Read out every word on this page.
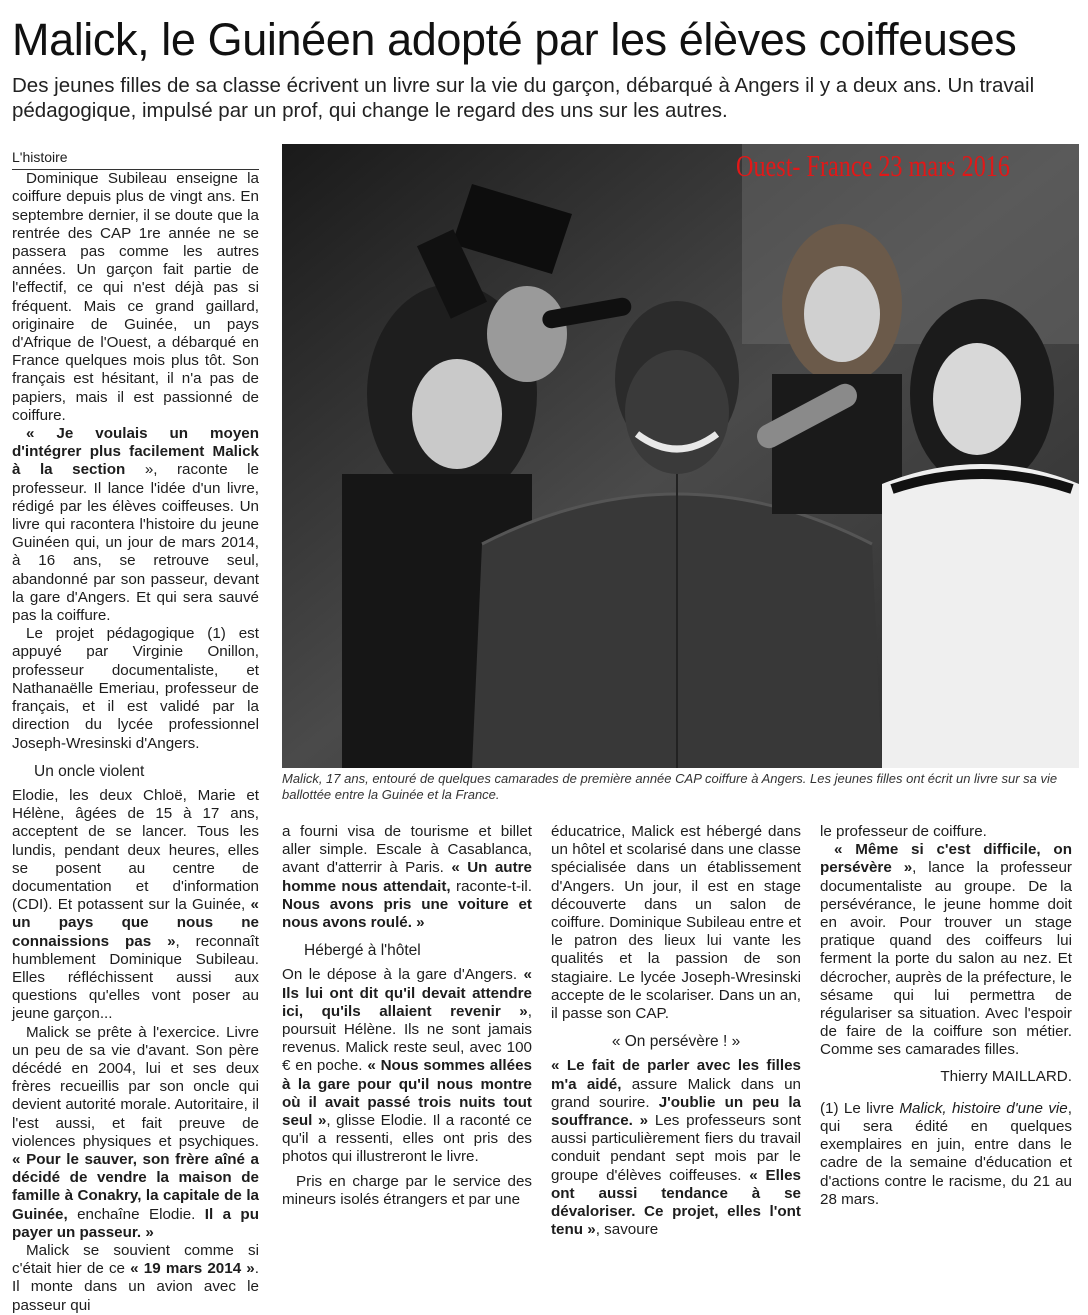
Malick, le Guinéen adopté par les élèves coiffeuses

Des jeunes filles de sa classe écrivent un livre sur la vie du garçon, débarqué à Angers il y a deux ans. Un travail pédagogique, impulsé par un prof, qui change le regard des uns sur les autres.

L'histoire

Dominique Subileau enseigne la coiffure depuis plus de vingt ans. En septembre dernier, il se doute que la rentrée des CAP 1re année ne se passera pas comme les autres années. Un garçon fait partie de l'effectif, ce qui n'est déjà pas si fréquent. Mais ce grand gaillard, originaire de Guinée, un pays d'Afrique de l'Ouest, a débarqué en France quelques mois plus tôt. Son français est hésitant, il n'a pas de papiers, mais il est passionné de coiffure.

« Je voulais un moyen d'intégrer plus facilement Malick à la section », raconte le professeur. Il lance l'idée d'un livre, rédigé par les élèves coiffeuses. Un livre qui racontera l'histoire du jeune Guinéen qui, un jour de mars 2014, à 16 ans, se retrouve seul, abandonné par son passeur, devant la gare d'Angers. Et qui sera sauvé pas la coiffure.

Le projet pédagogique (1) est appuyé par Virginie Onillon, professeur documentaliste, et Nathanaëlle Emeriau, professeur de français, et il est validé par la direction du lycée professionnel Joseph-Wresinski d'Angers.

Un oncle violent

Elodie, les deux Chloë, Marie et Hélène, âgées de 15 à 17 ans, acceptent de se lancer. Tous les lundis, pendant deux heures, elles se posent au centre de documentation et d'information (CDI). Et potassent sur la Guinée, « un pays que nous ne connaissions pas », reconnaît humblement Dominique Subileau. Elles réfléchissent aussi aux questions qu'elles vont poser au jeune garçon...

Malick se prête à l'exercice. Livre un peu de sa vie d'avant. Son père décédé en 2004, lui et ses deux frères recueillis par son oncle qui devient autorité morale. Autoritaire, il l'est aussi, et fait preuve de violences physiques et psychiques. « Pour le sauver, son frère aîné a décidé de vendre la maison de famille à Conakry, la capitale de la Guinée, enchaîne Elodie. Il a pu payer un passeur. »

Malick se souvient comme si c'était hier de ce « 19 mars 2014 ». Il monte dans un avion avec le passeur qui

Ouest- France 23 mars 2016

Malick, 17 ans, entouré de quelques camarades de première année CAP coiffure à Angers. Les jeunes filles ont écrit un livre sur sa vie ballottée entre la Guinée et la France.

a fourni visa de tourisme et billet aller simple. Escale à Casablanca, avant d'atterrir à Paris. « Un autre homme nous attendait, raconte-t-il. Nous avons pris une voiture et nous avons roulé. »

Hébergé à l'hôtel

On le dépose à la gare d'Angers. « Ils lui ont dit qu'il devait attendre ici, qu'ils allaient revenir », poursuit Hélène. Ils ne sont jamais revenus. Malick reste seul, avec 100 € en poche. « Nous sommes allées à la gare pour qu'il nous montre où il avait passé trois nuits tout seul », glisse Elodie. Il a raconté ce qu'il a ressenti, elles ont pris des photos qui illustreront le livre.

Pris en charge par le service des mineurs isolés étrangers et par une

éducatrice, Malick est hébergé dans un hôtel et scolarisé dans une classe spécialisée dans un établissement d'Angers. Un jour, il est en stage découverte dans un salon de coiffure. Dominique Subileau entre et le patron des lieux lui vante les qualités et la passion de son stagiaire. Le lycée Joseph-Wresinski accepte de le scolariser. Dans un an, il passe son CAP.

« On persévère ! »

« Le fait de parler avec les filles m'a aidé, assure Malick dans un grand sourire. J'oublie un peu la souffrance. » Les professeurs sont aussi particulièrement fiers du travail conduit pendant sept mois par le groupe d'élèves coiffeuses. « Elles ont aussi tendance à se dévaloriser. Ce projet, elles l'ont tenu », savoure

le professeur de coiffure.

« Même si c'est difficile, on persévère », lance la professeur documentaliste au groupe. De la persévérance, le jeune homme doit en avoir. Pour trouver un stage pratique quand des coiffeurs lui ferment la porte du salon au nez. Et décrocher, auprès de la préfecture, le sésame qui lui permettra de régulariser sa situation. Avec l'espoir de faire de la coiffure son métier. Comme ses camarades filles.

Thierry MAILLARD.

(1) Le livre Malick, histoire d'une vie, qui sera édité en quelques exemplaires en juin, entre dans le cadre de la semaine d'éducation et d'actions contre le racisme, du 21 au 28 mars.
